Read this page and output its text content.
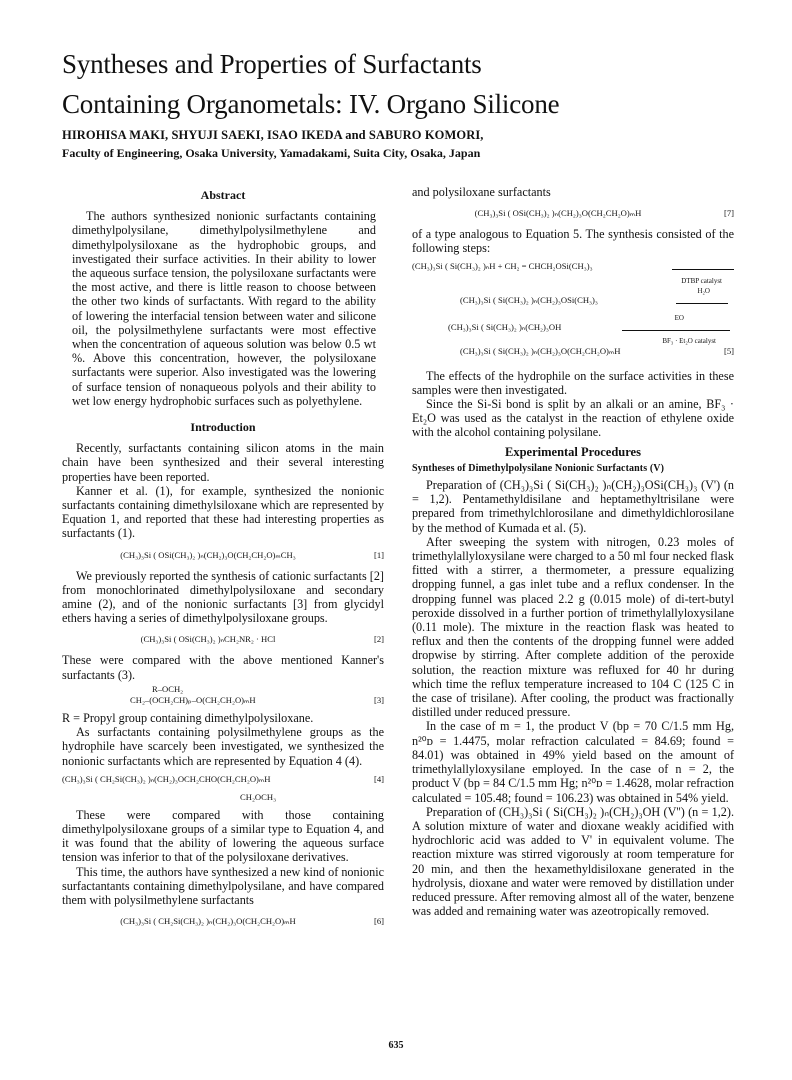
Syntheses and Properties of Surfactants
Containing Organometals: IV. Organo Silicone
HIROHISA MAKI, SHYUJI SAEKI, ISAO IKEDA and SABURO KOMORI,
Faculty of Engineering, Osaka University, Yamadakami, Suita City, Osaka, Japan
Abstract

The authors synthesized nonionic surfactants containing dimethylpolysilane, dimethylpolysilmethylene and dimethylpolysiloxane as the hydrophobic groups, and investigated their surface activities. In their ability to lower the aqueous surface tension, the polysiloxane surfactants were the most active, and there is little reason to choose between the other two kinds of surfactants. With regard to the ability of lowering the interfacial tension between water and silicone oil, the polysilmethylene surfactants were most effective when the concentration of aqueous solution was below 0.5 wt %. Above this concentration, however, the polysiloxane surfactants were superior. Also investigated was the lowering of surface tension of nonaqueous polyols and their ability to wet low energy hydrophobic surfaces such as polyethylene.

Introduction

Recently, surfactants containing silicon atoms in the main chain have been synthesized and their several interesting properties have been reported.

Kanner et al. (1), for example, synthesized the nonionic surfactants containing dimethylsiloxane which are represented by Equation 1, and reported that these had interesting properties as surfactants (1).

(CH₃)₃Si ( OSi(CH₃)₂ )ₙ(CH₂)₃O(CH₂CH₂O)ₘCH₃	[1]

We previously reported the synthesis of cationic surfactants [2] from monochlorinated dimethylpolysiloxane and secondary amine (2), and of the nonionic surfactants [3] from glycidyl ethers having a series of dimethylpolysiloxane groups.

(CH₃)₃Si ( OSi(CH₃)₂ )ₙCH₂NR₂ · HCl	[2]

These were compared with the above mentioned Kanner's surfactants (3).

R–OCH₂
CH₂–(OCH₂CH)ₚ–O(CH₂CH₂O)ₘH	[3]

R = Propyl group containing dimethylpolysiloxane.

As surfactants containing polysilmethylene groups as the hydrophile have scarcely been investigated, we synthesized the nonionic surfactants which are represented by Equation 4 (4).

(CH₃)₃Si ( CH₂Si(CH₃)₂ )ₙ(CH₂)₃OCH₂CHO(CH₂CH₂O)ₘH	[4]
CH₂OCH₃

These were compared with those containing dimethylpolysiloxane groups of a similar type to Equation 4, and it was found that the ability of lowering the aqueous surface tension was inferior to that of the polysiloxane derivatives.

This time, the authors have synthesized a new kind of nonionic surfactantants containing dimethylpolysilane, and have compared them with polysilmethylene surfactants

(CH₃)₃Si ( CH₂Si(CH₃)₂ )ₙ(CH₂)₃O(CH₂CH₂O)ₘH	[6]

and polysiloxane surfactants

(CH₃)₃Si ( OSi(CH₃)₂ )ₙ(CH₂)₃O(CH₂CH₂O)ₘH	[7]

of a type analogous to Equation 5. The synthesis consisted of the following steps:

(CH₃)₃Si ( Si(CH₃)₂ )ₙH + CH₂ = CHCH₂OSi(CH₃)₃
DTBP catalyst
H₂O
(CH₃)₃Si ( Si(CH₃)₂ )ₙ(CH₂)₃OSi(CH₃)₃
EO
(CH₃)₃Si ( Si(CH₃)₂ )ₙ(CH₂)₃OH
BF₃ · Et₂O catalyst
(CH₃)₃Si ( Si(CH₃)₂ )ₙ(CH₂)₃O(CH₂CH₂O)ₘH	[5]

The effects of the hydrophile on the surface activities in these samples were then investigated.

Since the Si-Si bond is split by an alkali or an amine, BF₃ · Et₂O was used as the catalyst in the reaction of ethylene oxide with the alcohol containing polysilane.

Experimental Procedures
Syntheses of Dimethylpolysilane Nonionic Surfactants (V)

Preparation of (CH₃)₃Si ( Si(CH₃)₂ )ₙ(CH₂)₃OSi(CH₃)₃ (V') (n = 1,2). Pentamethyldisilane and heptamethyltrisilane were prepared from trimethylchlorosilane and dimethyldichlorosilane by the method of Kumada et al. (5).

After sweeping the system with nitrogen, 0.23 moles of trimethylallyloxysilane were charged to a 50 ml four necked flask fitted with a stirrer, a thermometer, a pressure equalizing dropping funnel, a gas inlet tube and a reflux condenser. In the dropping funnel was placed 2.2 g (0.015 mole) of di-tert-butyl peroxide dissolved in a further portion of trimethylallyloxysilane (0.11 mole). The mixture in the reaction flask was heated to reflux and then the contents of the dropping funnel were added dropwise by stirring. After complete addition of the peroxide solution, the reaction mixture was refluxed for 40 hr during which time the reflux temperature increased to 104 C (125 C in the case of trisilane). After cooling, the product was fractionally distilled under reduced pressure.

In the case of m = 1, the product V (bp = 70 C/1.5 mm Hg, n²⁰ᴅ = 1.4475, molar refraction calculated = 84.69; found = 84.01) was obtained in 49% yield based on the amount of trimethylallyloxysilane employed. In the case of n = 2, the product V (bp = 84 C/1.5 mm Hg; n²⁰ᴅ = 1.4628, molar refraction calculated = 105.48; found = 106.23) was obtained in 54% yield.

Preparation of (CH₃)₃Si ( Si(CH₃)₂ )ₙ(CH₂)₃OH (V'') (n = 1,2). A solution mixture of water and dioxane weakly acidified with hydrochloric acid was added to V' in equivalent volume. The reaction mixture was stirred vigorously at room temperature for 20 min, and then the hexamethyldisiloxane generated in the hydrolysis, dioxane and water were removed by distillation under reduced pressure. After removing almost all of the water, benzene was added and remaining water was azeotropically removed.

635
